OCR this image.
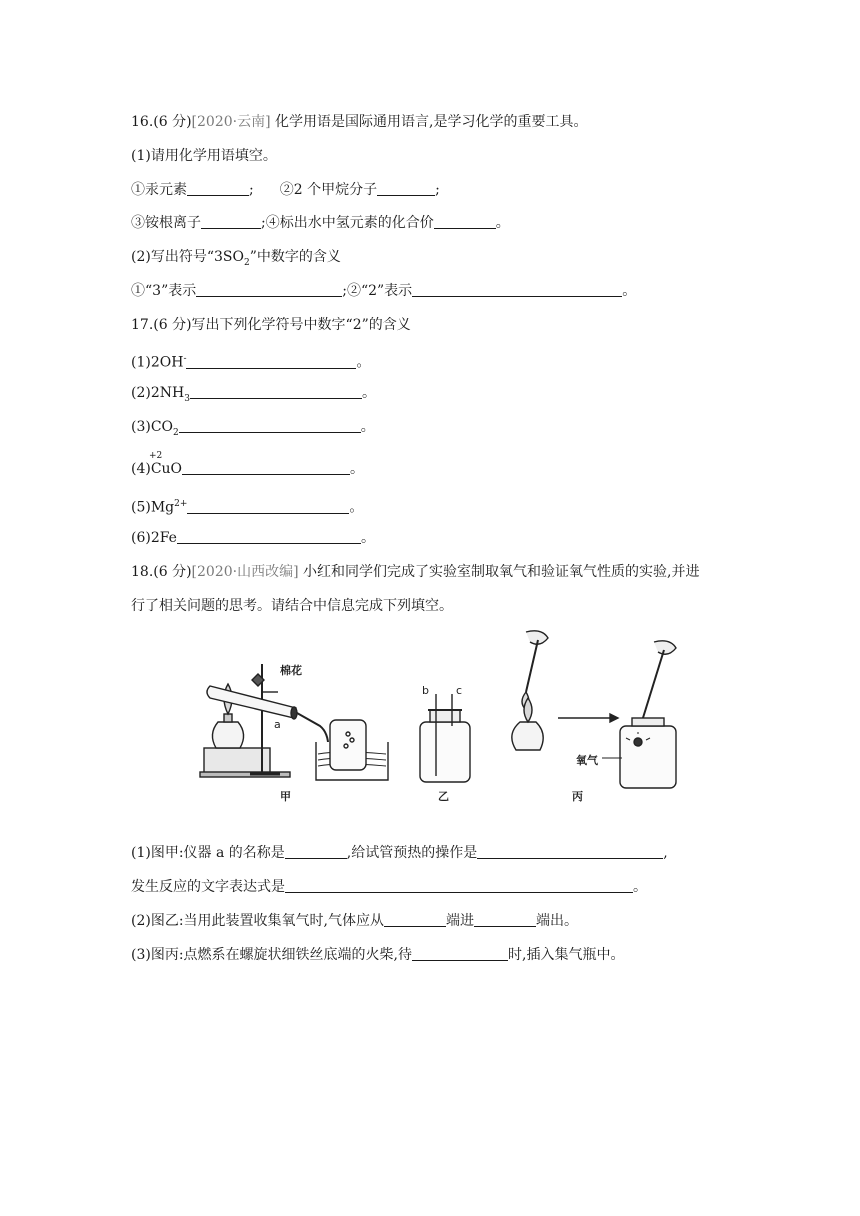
16.(6 分)[2020·云南] 化学用语是国际通用语言,是学习化学的重要工具。
(1)请用化学用语填空。
①汞元素	; ②2 个甲烷分子	;
③铵根离子	;④标出水中氢元素的化合价	。
(2)写出符号“$3SO_2$”中数字的含义
①“3”表示	;②“2”表示	。
17.(6 分)写出下列化学符号中数字“2”的含义
(1)2OH-	。
$(2)2NH_3$	。
$(3)CO_2$	。
(4)CuO
+2
。
$(5)Mg^{2+}$	。
(6)2Fe	。
18.(6 分)[2020·山西改编] 小红和同学们完成了实验室制取氧气和验证氧气性质的实验,并进
行了相关问题的思考。请结合中信息完成下列填空。
棉花
a
b c
氧气
甲	乙	丙
(1)图甲:仪器 a 的名称是	,给试管预热的操作是	,
发生反应的文字表达式是	。
(2)图乙:当用此装置收集氧气时,气体应从	端进	端出。
(3)图丙:点燃系在螺旋状细铁丝底端的火柴,待	时,插入集气瓶中。
